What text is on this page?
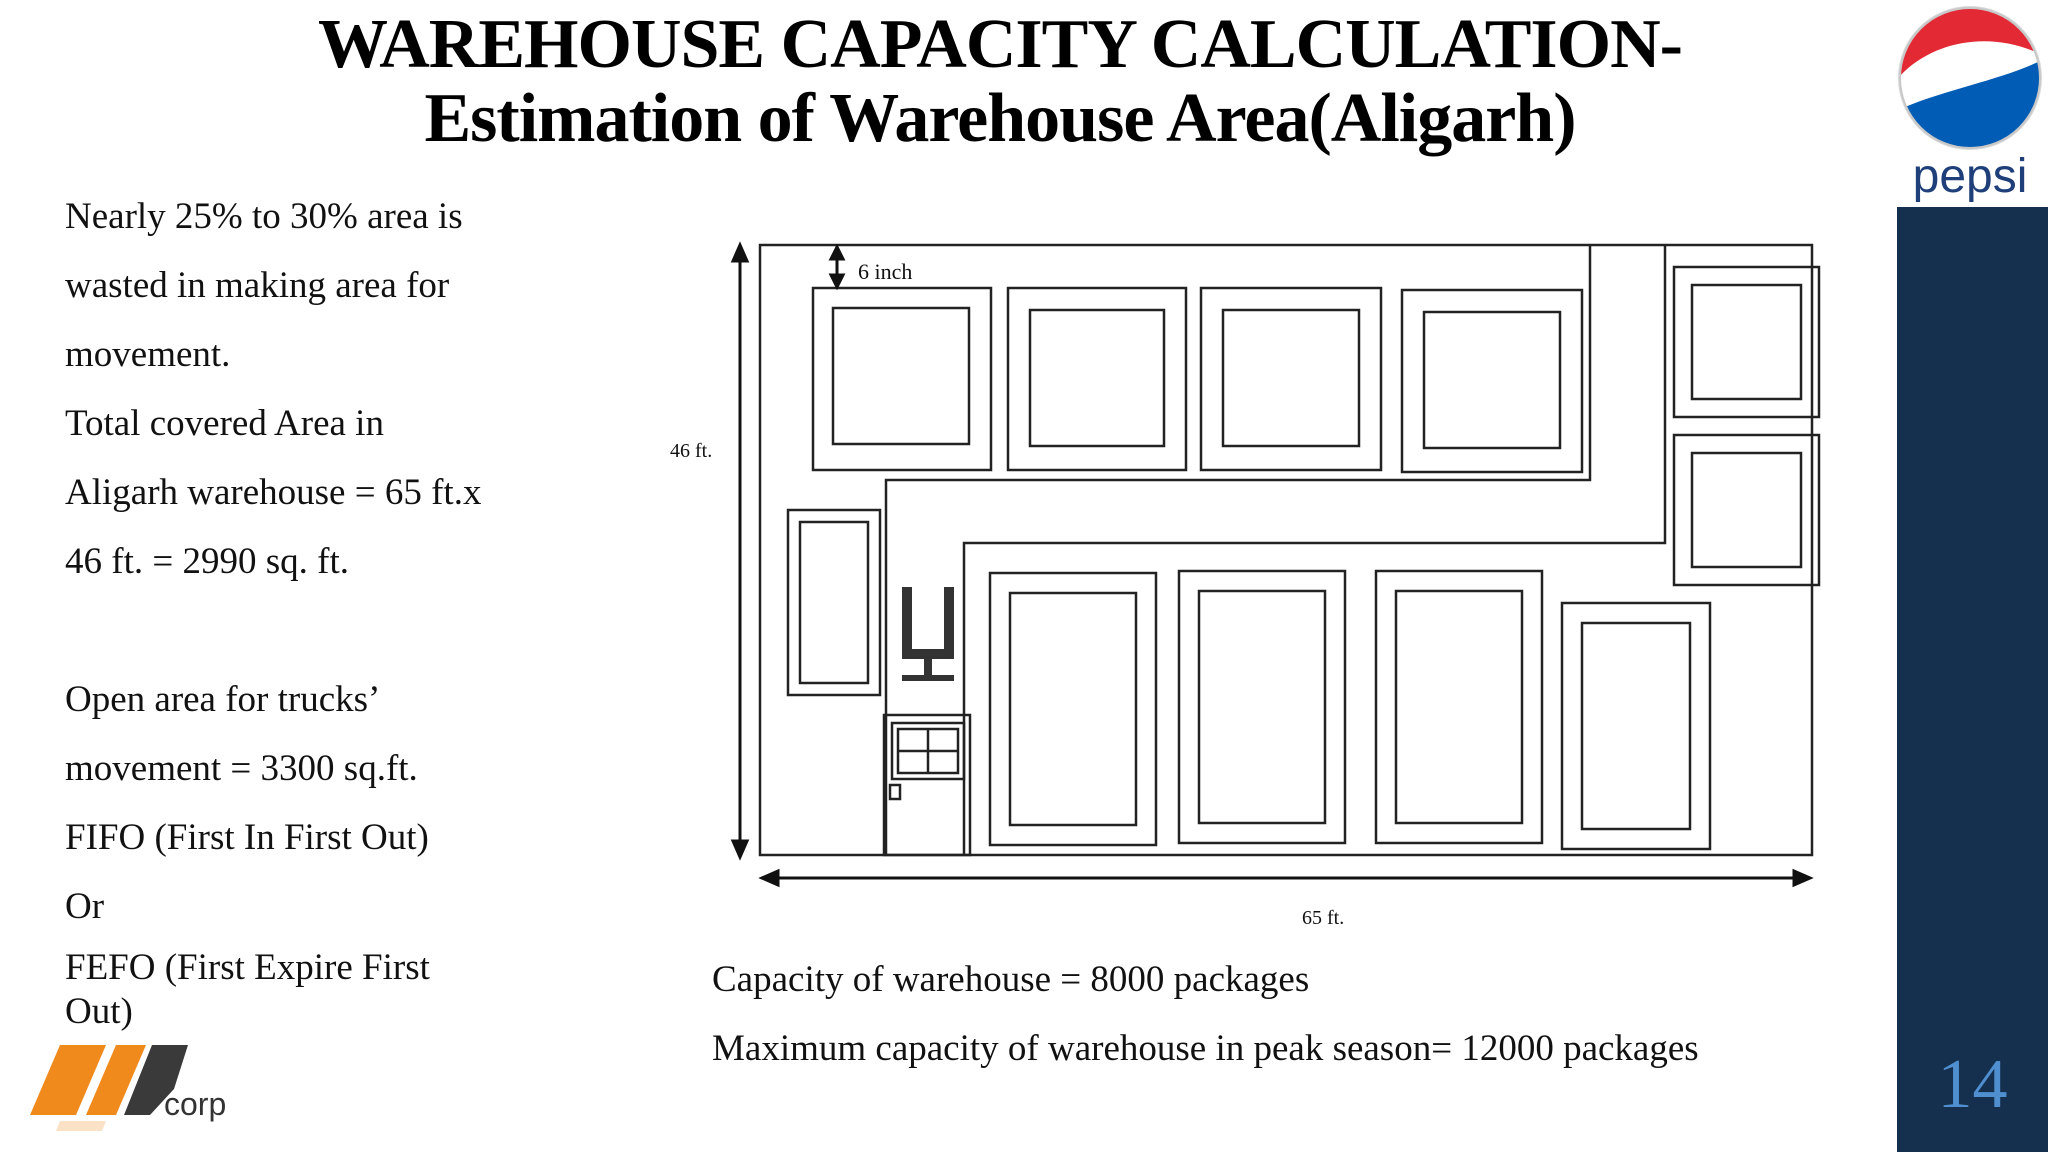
WAREHOUSE CAPACITY CALCULATION-
Estimation of Warehouse Area(Aligarh)
pepsi
14
Nearly 25% to 30% area is
wasted in making area for
movement.
Total covered Area in
Aligarh warehouse = 65 ft.x
46 ft. = 2990 sq. ft.
Open area for trucks’
movement = 3300 sq.ft.
FIFO (First In First Out)
Or
FEFO (First Expire First
Out)
6 inch
46 ft.
65 ft.
Capacity of warehouse = 8000 packages
Maximum capacity of warehouse in peak season= 12000 packages
corp
